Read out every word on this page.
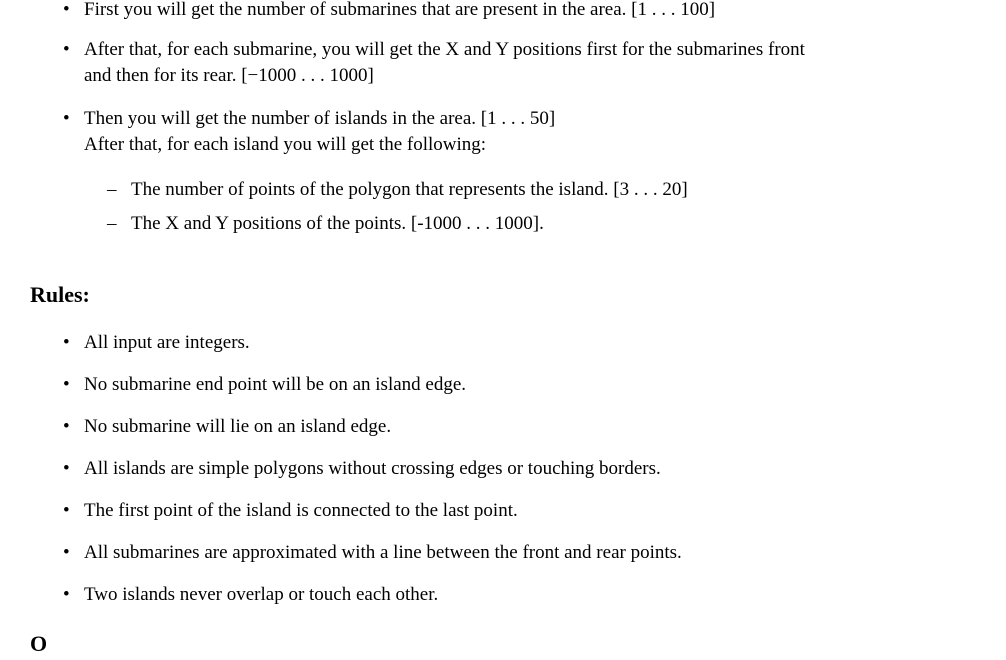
• First you will get the number of submarines that are present in the area. [1 . . . 100]
• After that, for each submarine, you will get the X and Y positions first for the submarines front
and then for its rear. [−1000 . . . 1000]
• Then you will get the number of islands in the area. [1 . . . 50]
After that, for each island you will get the following:
– The number of points of the polygon that represents the island. [3 . . . 20]
– The X and Y positions of the points. [-1000 . . . 1000].
Rules:
• All input are integers.
• No submarine end point will be on an island edge.
• No submarine will lie on an island edge.
• All islands are simple polygons without crossing edges or touching borders.
• The first point of the island is connected to the last point.
• All submarines are approximated with a line between the front and rear points.
• Two islands never overlap or touch each other.
O
